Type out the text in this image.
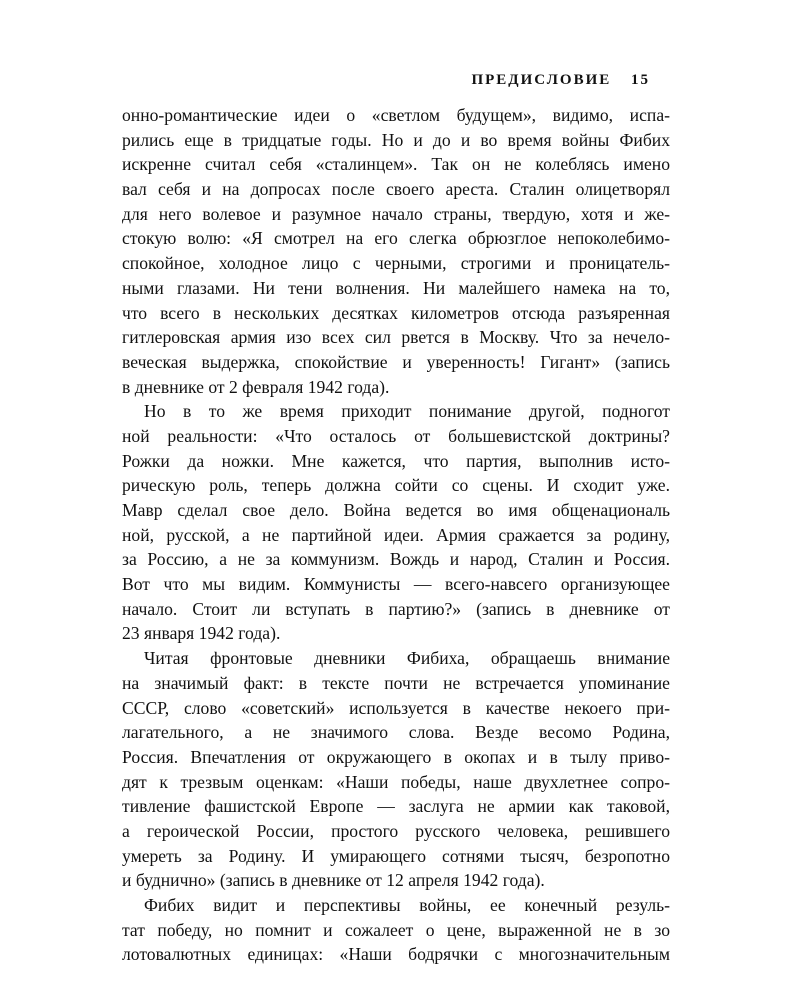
ПРЕДИСЛОВИЕ 15
онно-романтические идеи о «светлом будущем», видимо, испа-
рились еще в тридцатые годы. Но и до и во время войны Фибих
искренне считал себя «сталинцем». Так он не колеблясь имено
вал себя и на допросах после своего ареста. Сталин олицетворял
для него волевое и разумное начало страны, твердую, хотя и же-
стокую волю: «Я смотрел на его слегка обрюзглое непоколебимо-
спокойное, холодное лицо с черными, строгими и проницатель-
ными глазами. Ни тени волнения. Ни малейшего намека на то,
что всего в нескольких десятках километров отсюда разъяренная
гитлеровская армия изо всех сил рвется в Москву. Что за нечело-
веческая выдержка, спокойствие и уверенность! Гигант» (запись
в дневнике от 2 февраля 1942 года).
Но в то же время приходит понимание другой, подногот
ной реальности: «Что осталось от большевистской доктрины?
Рожки да ножки. Мне кажется, что партия, выполнив исто-
рическую роль, теперь должна сойти со сцены. И сходит уже.
Мавр сделал свое дело. Война ведется во имя общенациональ
ной, русской, а не партийной идеи. Армия сражается за родину,
за Россию, а не за коммунизм. Вождь и народ, Сталин и Россия.
Вот что мы видим. Коммунисты — всего-навсего организующее
начало. Стоит ли вступать в партию?» (запись в дневнике от
23 января 1942 года).
Читая фронтовые дневники Фибиха, обращаешь внимание
на значимый факт: в тексте почти не встречается упоминание
СССР, слово «советский» используется в качестве некоего при-
лагательного, а не значимого слова. Везде весомо Родина,
Россия. Впечатления от окружающего в окопах и в тылу приво-
дят к трезвым оценкам: «Наши победы, наше двухлетнее сопро-
тивление фашистской Европе — заслуга не армии как таковой,
а героической России, простого русского человека, решившего
умереть за Родину. И умирающего сотнями тысяч, безропотно
и буднично» (запись в дневнике от 12 апреля 1942 года).
Фибих видит и перспективы войны, ее конечный резуль-
тат победу, но помнит и сожалеет о цене, выраженной не в зо
лотовалютных единицах: «Наши бодрячки с многозначительным
